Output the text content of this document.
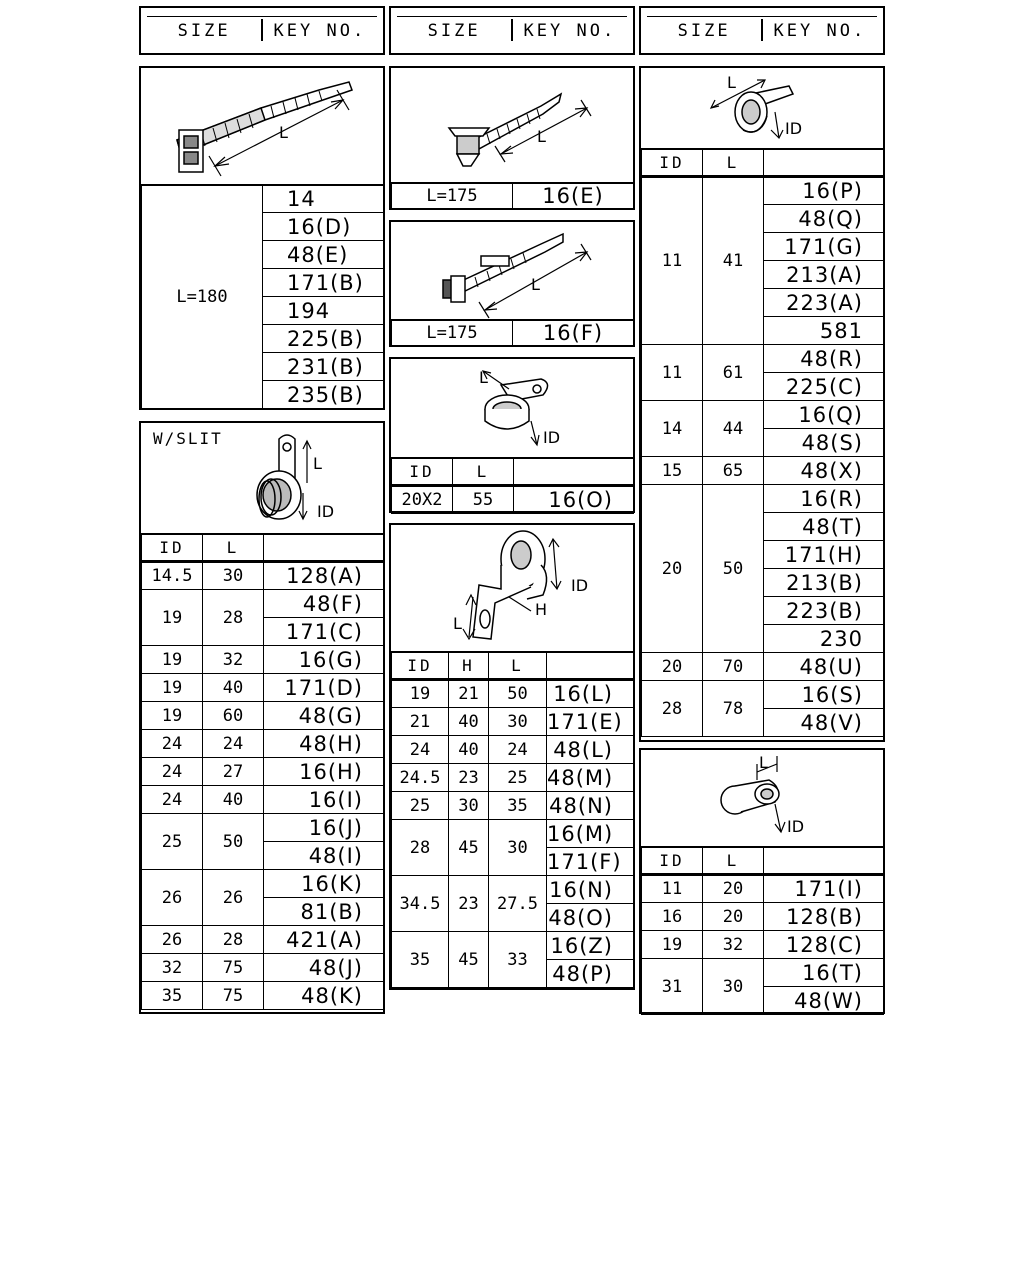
SIZE	KEY NO.	SIZE	KEY NO.	SIZE	KEY NO.
L
L=180	14
16(D)
48(E)
171(B)
194
225(B)
231(B)
235(B)
W/SLIT
L
ID
ID	L	
14.5	30	128(A)
19	28	48(F)
		171(C)
19	32	16(G)
19	40	171(D)
19	60	48(G)
24	24	48(H)
24	27	16(H)
24	40	16(I)
25	50	16(J)
		48(I)
26	26	16(K)
		81(B)
26	28	421(A)
32	75	48(J)
35	75	48(K)
L
L=175	16(E)
L
L=175	16(F)
L
ID
ID	L	
20X2	55	16(O)
ID
L
H
ID	H	L	
19	21	50	16(L)
21	40	30	171(E)
24	40	24	48(L)
24.5	23	25	48(M)
25	30	35	48(N)
28	45	30	16(M)
			171(F)
34.5	23	27.5	16(N)
			48(O)
35	45	33	16(Z)
			48(P)
L
ID
ID	L	
11	41	16(P)
		48(Q)
		171(G)
		213(A)
		223(A)
		581
11	61	48(R)
		225(C)
14	44	16(Q)
		48(S)
15	65	48(X)
20	50	16(R)
		48(T)
		171(H)
		213(B)
		223(B)
		230
20	70	48(U)
28	78	16(S)
		48(V)
L
ID
ID	L	
11	20	171(I)
16	20	128(B)
19	32	128(C)
31	30	16(T)
		48(W)
